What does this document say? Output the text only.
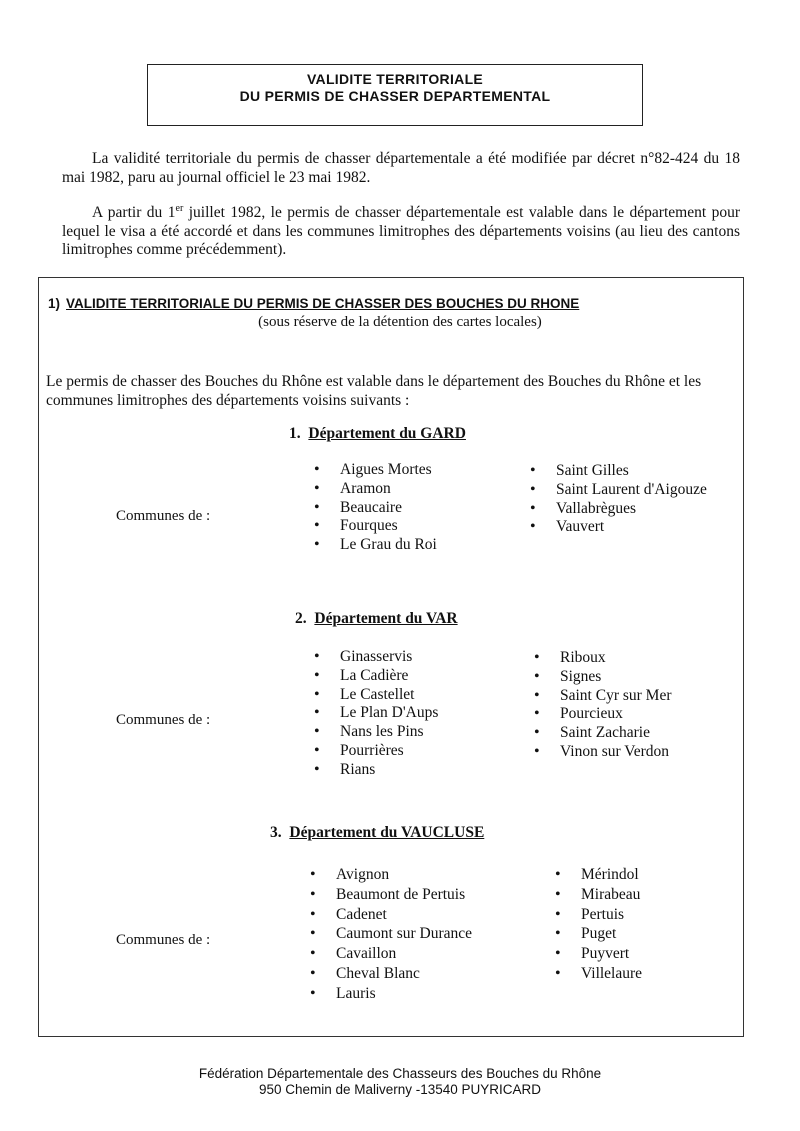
VALIDITE TERRITORIALE
DU PERMIS DE CHASSER DEPARTEMENTAL
La validité territoriale du permis de chasser départementale a été modifiée par décret n°82-424 du 18 mai 1982, paru au journal officiel le 23 mai 1982.
A partir du 1er juillet 1982, le permis de chasser départementale est valable dans le département pour lequel le visa a été accordé et dans les communes limitrophes des départements voisins (au lieu des cantons limitrophes comme précédemment).
1) VALIDITE TERRITORIALE DU PERMIS DE CHASSER DES BOUCHES DU RHONE
(sous réserve de la détention des cartes locales)
Le permis de chasser des Bouches du Rhône est valable dans le département des Bouches du Rhône et les communes limitrophes des départements voisins suivants :
1. Département du GARD
Communes de :
• Aigues Mortes
• Aramon
• Beaucaire
• Fourques
• Le Grau du Roi
• Saint Gilles
• Saint Laurent d'Aigouze
• Vallabrègues
• Vauvert
2. Département du VAR
Communes de :
• Ginasservis
• La Cadière
• Le Castellet
• Le Plan D'Aups
• Nans les Pins
• Pourrières
• Rians
• Riboux
• Signes
• Saint Cyr sur Mer
• Pourcieux
• Saint Zacharie
• Vinon sur Verdon
3. Département du VAUCLUSE
Communes de :
• Avignon
• Beaumont de Pertuis
• Cadenet
• Caumont sur Durance
• Cavaillon
• Cheval Blanc
• Lauris
• Mérindol
• Mirabeau
• Pertuis
• Puget
• Puyvert
• Villelaure
Fédération Départementale des Chasseurs des Bouches du Rhône
950 Chemin de Maliverny -13540 PUYRICARD
